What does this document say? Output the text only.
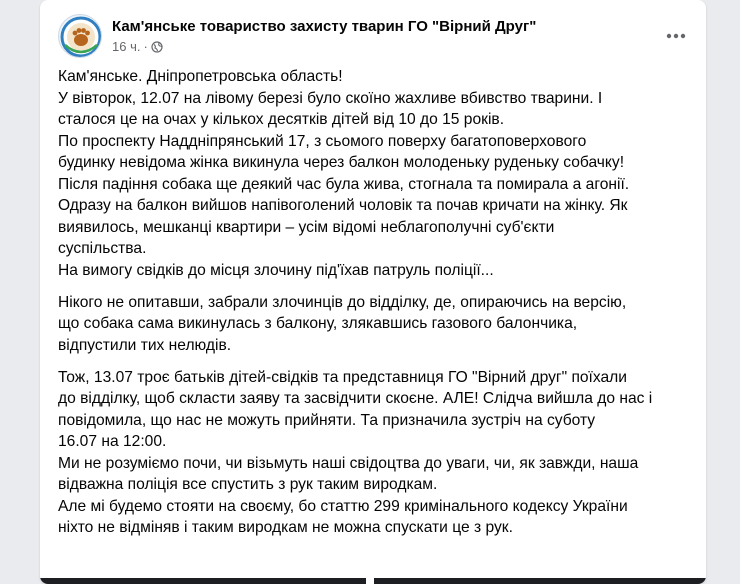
Кам'янське товариство захисту тварин ГО "Вірний Друг"
16 ч. ·
Кам'янське. Дніпропетровська область!
У вівторок, 12.07 на лівому березі було скоїно жахливе вбивство тварини. І
сталося це на очах у кількох десятків дітей від 10 до 15 років.
По проспекту Наддніпрянський 17, з сьомого поверху багатоповерхового
будинку невідома жінка викинула через балкон молоденьку руденьку собачку!
Після падіння собака ще деякий час була жива, стогнала та помирала а агонії.
Одразу на балкон вийшов напівоголений чоловік та почав кричати на жінку. Як
виявилось, мешканці квартири – усім відомі неблагополучні суб'єкти
суспільства.
На вимогу свідків до місця злочину під'їхав патруль поліції...
Нікого не опитавши, забрали злочинців до відділку, де, опираючись на версію,
що собака сама викинулась з балкону, злякавшись газового балончика,
відпустили тих нелюдів.
Тож, 13.07 троє батьків дітей-свідків та представниця ГО "Вірний друг" поїхали
до відділку, щоб скласти заяву та засвідчити скоєне. АЛЕ! Слідча вийшла до нас і
повідомила, що нас не можуть прийняти. Та призначила зустріч на суботу
16.07 на 12:00.
Ми не розуміємо почи, чи візьмуть наші свідоцтва до уваги, чи, як завжди, наша
відважна поліція все спустить з рук таким виродкам.
Але мі будемо стояти на своєму, бо статтю 299 кримінального кодексу України
ніхто не відміняв і таким виродкам не можна спускати це з рук.
